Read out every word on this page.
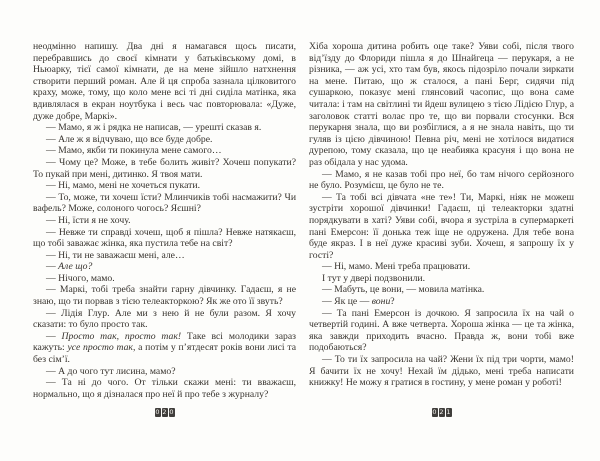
неодмінно напишу. Два дні я намагався щось писати, перебравшись до своєї кімнати у батьківському домі, в Ньюарку, тієї самої кімнати, де на мене зійшло натхнення створити перший роман. Але й ця спроба зазнала цілковитого краху, може, тому, що коло мене всі ті дні сиділа матінка, яка вдивлялася в екран ноутбука і весь час повторювала: «Дуже, дуже добре, Маркі».

— Мамо, я ж і рядка не написав, — урешті сказав я.

— Але ж я відчуваю, що все буде добре.

— Мамо, якби ти покинула мене самого…

— Чому це? Може, в тебе болить живіт? Хочеш попукати? То пукай при мені, дитинко. Я твоя мати.

— Ні, мамо, мені не хочеться пукати.

— То, може, ти хочеш їсти? Млинчиків тобі насмажити? Чи вафель? Може, солоного чогось? Яєшні?

— Ні, їсти я не хочу.

— Невже ти справді хочеш, щоб я пішла? Невже натякаєш, що тобі заважає жінка, яка пустила тебе на світ?

— Ні, ти не заважаєш мені, але…

— Але що?

— Нічого, мамо.

— Маркі, тобі треба знайти гарну дівчинку. Гадаєш, я не знаю, що ти порвав з тією телеакторкою? Як же ото її звуть?

— Лідія Глур. Але ми з нею й не були разом. Я хочу сказати: то було просто так.

— Просто так, просто так! Таке всі молодики зараз кажуть: усе просто так, а потім у п’ятдесят років вони лисі та без сім’ї.

— А до чого тут лисина, мамо?

— Та ні до чого. От тільки скажи мені: ти вважаєш, нормально, що я дізналася про неї й про тебе з журналу?

0 2 0

Хіба хороша дитина робить оце таке? Уяви собі, після твого від’їзду до Флориди пішла я до Шнайгеца — перукаря, а не різника, — аж усі, хто там був, якось підозріло почали зиркати на мене. Питаю, що ж сталося, а пані Берг, сидячи під сушаркою, показує мені глянсовий часопис, що вона саме читала: і там на світлині ти йдеш вулицею з тією Лідією Глур, а заголовок статті волає про те, що ви порвали стосунки. Вся перукарня знала, що ви розбіглися, а я не знала навіть, що ти гуляв із цією дівчиною! Певна річ, мені не хотілося видатися дурепою, тому сказала, що це неабияка красуня і що вона не раз обідала у нас удома.

— Мамо, я не казав тобі про неї, бо там нічого серйозного не було. Розумієш, це було не те.

— Та тобі всі дівчата «не те»! Ти, Маркі, ніяк не можеш зустріти хорошої дівчинки! Гадаєш, ці телеакторки здатні порядкувати в хаті? Уяви собі, вчора я зустріла в супермаркеті пані Емерсон: її донька теж іще не одружена. Для тебе вона буде якраз. І в неї дуже красиві зуби. Хочеш, я запрошу їх у гості?

— Ні, мамо. Мені треба працювати.

І тут у двері подзвонили.

— Мабуть, це вони, — мовила матінка.

— Як це — вони?

— Та пані Емерсон із дочкою. Я запросила їх на чай о четвертій годині. А вже четверта. Хороша жінка — це та жінка, яка завжди приходить вчасно. Правда ж, вони тобі вже подобаються?

— То ти їх запросила на чай? Жени їх під три чорти, мамо! Я бачити їх не хочу! Нехай їм дідько, мені треба написати книжку! Не можу я гратися в гостину, у мене роман у роботі!

0 2 1
